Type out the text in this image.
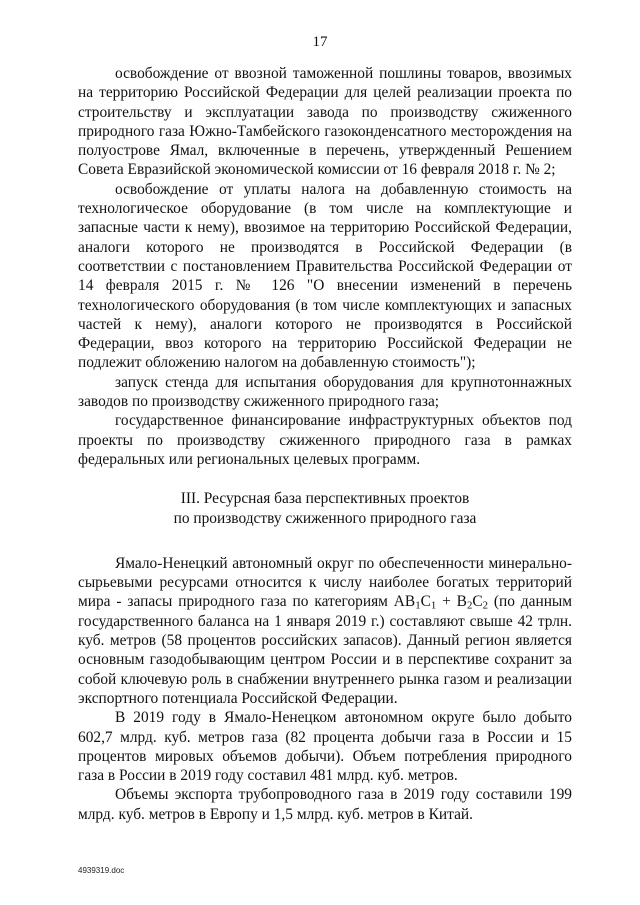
17

освобождение от ввозной таможенной пошлины товаров, ввозимых на территорию Российской Федерации для целей реализации проекта по строительству и эксплуатации завода по производству сжиженного природного газа Южно-Тамбейского газоконденсатного месторождения на полуострове Ямал, включенные в перечень, утвержденный Решением Совета Евразийской экономической комиссии от 16 февраля 2018 г. № 2;

освобождение от уплаты налога на добавленную стоимость на технологическое оборудование (в том числе на комплектующие и запасные части к нему), ввозимое на территорию Российской Федерации, аналоги которого не производятся в Российской Федерации (в соответствии с постановлением Правительства Российской Федерации от 14 февраля 2015 г. № 126 "О внесении изменений в перечень технологического оборудования (в том числе комплектующих и запасных частей к нему), аналоги которого не производятся в Российской Федерации, ввоз которого на территорию Российской Федерации не подлежит обложению налогом на добавленную стоимость");

запуск стенда для испытания оборудования для крупнотоннажных заводов по производству сжиженного природного газа;

государственное финансирование инфраструктурных объектов под проекты по производству сжиженного природного газа в рамках федеральных или региональных целевых программ.

III. Ресурсная база перспективных проектов
по производству сжиженного природного газа

Ямало-Ненецкий автономный округ по обеспеченности минерально-сырьевыми ресурсами относится к числу наиболее богатых территорий мира - запасы природного газа по категориям $AB_1C_1 + B_2C_2$ (по данным государственного баланса на 1 января 2019 г.) составляют свыше 42 трлн. куб. метров (58 процентов российских запасов). Данный регион является основным газодобывающим центром России и в перспективе сохранит за собой ключевую роль в снабжении внутреннего рынка газом и реализации экспортного потенциала Российской Федерации.

В 2019 году в Ямало-Ненецком автономном округе было добыто 602,7 млрд. куб. метров газа (82 процента добычи газа в России и 15 процентов мировых объемов добычи). Объем потребления природного газа в России в 2019 году составил 481 млрд. куб. метров.

Объемы экспорта трубопроводного газа в 2019 году составили 199 млрд. куб. метров в Европу и 1,5 млрд. куб. метров в Китай.

4939319.doc
